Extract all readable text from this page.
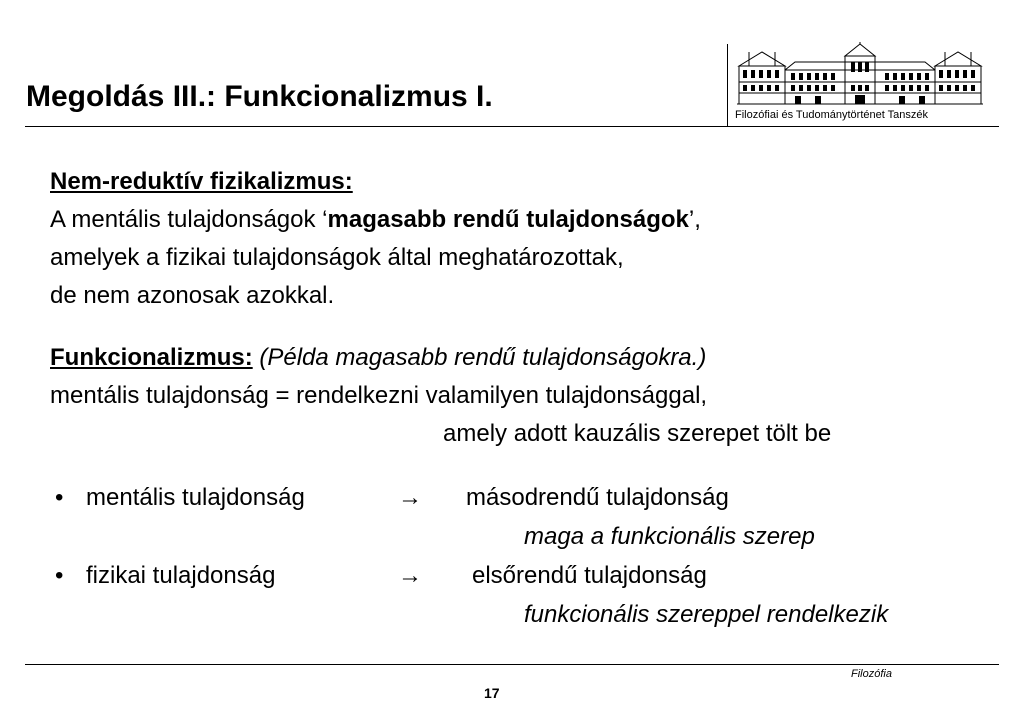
Megoldás III.: Funkcionalizmus I.
Filozófiai és Tudománytörténet Tanszék
Nem-reduktív fizikalizmus:
A mentális tulajdonságok ‘magasabb rendű tulajdonságok’,
amelyek a fizikai tulajdonságok által meghatározottak,
de nem azonosak azokkal.
Funkcionalizmus: (Példa magasabb rendű tulajdonságokra.)
mentális tulajdonság = rendelkezni valamilyen tulajdonsággal,
amely adott kauzális szerepet tölt be
• mentális tulajdonság	→ másodrendű tulajdonság
maga a funkcionális szerep
• fizikai tulajdonság	→ elsőrendű tulajdonság
funkcionális szereppel rendelkezik
Filozófia
17
